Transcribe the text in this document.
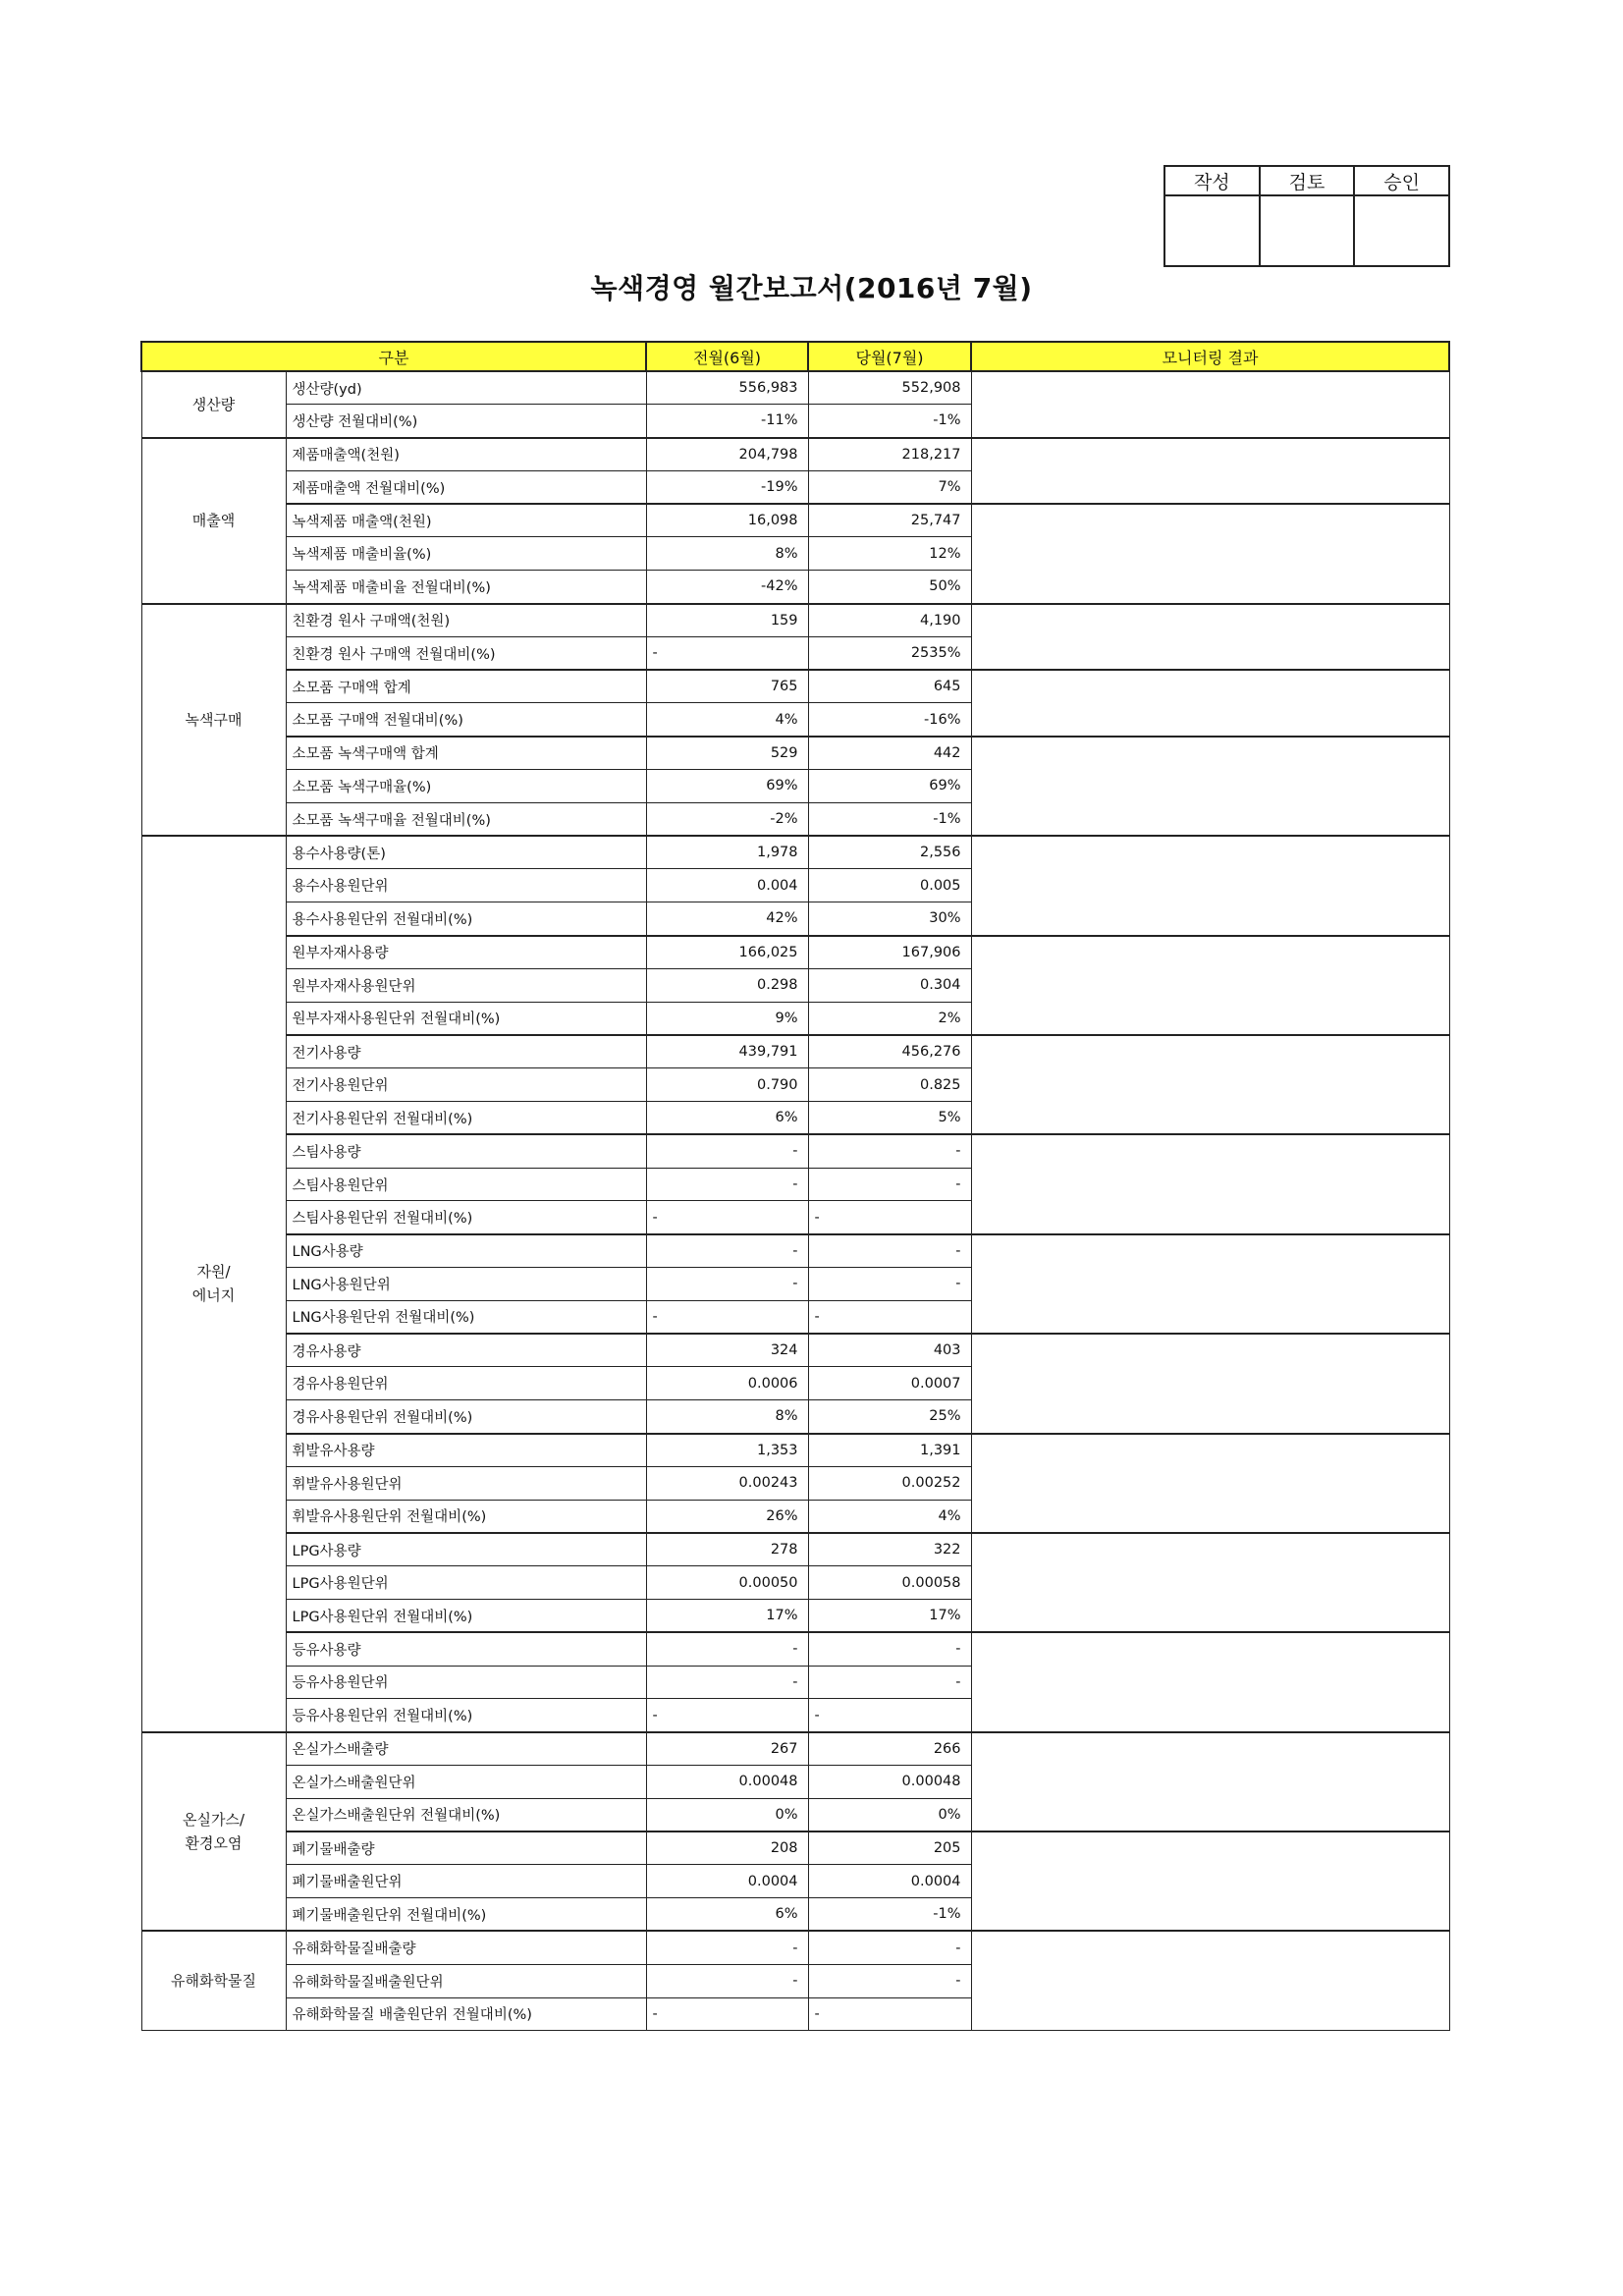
작성	검토	승인

녹색경영 월간보고서(2016년 7월)
구분		전월(6월)	당월(7월)	모니터링 결과
생산량	생산량(yd)	556,983	552,908	
	생산량 전월대비(%)	-11%	-1%	
매출액	제품매출액(천원)	204,798	218,217	
	제품매출액 전월대비(%)	-19%	7%	
	녹색제품 매출액(천원)	16,098	25,747	
	녹색제품 매출비율(%)	8%	12%	
	녹색제품 매출비율 전월대비(%)	-42%	50%	
녹색구매	친환경 원사 구매액(천원)	159	4,190	
	친환경 원사 구매액 전월대비(%)	-	2535%	
	소모품 구매액 합계	765	645	
	소모품 구매액 전월대비(%)	4%	-16%	
	소모품 녹색구매액 합계	529	442	
	소모품 녹색구매율(%)	69%	69%	
	소모품 녹색구매율 전월대비(%)	-2%	-1%	
자원/
에너지	용수사용량(톤)	1,978	2,556	
	용수사용원단위	0.004	0.005	
	용수사용원단위 전월대비(%)	42%	30%	
	원부자재사용량	166,025	167,906	
	원부자재사용원단위	0.298	0.304	
	원부자재사용원단위 전월대비(%)	9%	2%	
	전기사용량	439,791	456,276	
	전기사용원단위	0.790	0.825	
	전기사용원단위 전월대비(%)	6%	5%	
	스팀사용량	-	-	
	스팀사용원단위	-	-	
	스팀사용원단위 전월대비(%)	-	-	
	LNG사용량	-	-	
	LNG사용원단위	-	-	
	LNG사용원단위 전월대비(%)	-	-	
	경유사용량	324	403	
	경유사용원단위	0.0006	0.0007	
	경유사용원단위 전월대비(%)	8%	25%	
	휘발유사용량	1,353	1,391	
	휘발유사용원단위	0.00243	0.00252	
	휘발유사용원단위 전월대비(%)	26%	4%	
	LPG사용량	278	322	
	LPG사용원단위	0.00050	0.00058	
	LPG사용원단위 전월대비(%)	17%	17%	
	등유사용량	-	-	
	등유사용원단위	-	-	
	등유사용원단위 전월대비(%)	-	-	
온실가스/
환경오염	온실가스배출량	267	266	
	온실가스배출원단위	0.00048	0.00048	
	온실가스배출원단위 전월대비(%)	0%	0%	
	폐기물배출량	208	205	
	폐기물배출원단위	0.0004	0.0004	
	폐기물배출원단위 전월대비(%)	6%	-1%	
유해화학물질	유해화학물질배출량	-	-	
	유해화학물질배출원단위	-	-	
	유해화학물질 배출원단위 전월대비(%)	-	-	
